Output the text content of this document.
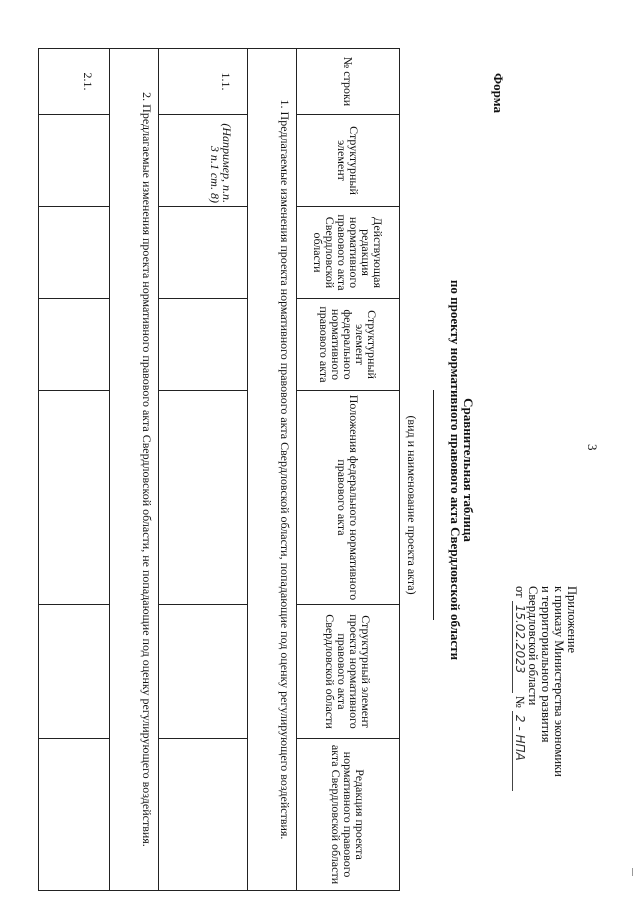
3
Приложение
к приказу Министерства экономики
и территориального развития
Свердловской области
от 15.02.2023 № 2 - НПА
Форма
Сравнительная таблица
по проекту нормативного правового акта Свердловской области
(вид и наименование проекта акта)
№ строки	Структурный элемент	Действующая редакция нормативного правового акта Свердловской области	Структурный элемент федерального нормативного правового акта	Положения федерального нормативного правового акта	Структурный элемент проекта нормативного правового акта Свердловской области	Редакция проекта нормативного правового акта Свердловской области
1. Предлагаемые изменения проекта нормативного правового акта Свердловской области, попадающие под оценку регулирующего воздействия.						
1.1.	(Например, п.п. 3 п.1 ст. 8)					
2. Предлагаемые изменения проекта нормативного правового акта Свердловской области, не попадающие под оценку регулирующего воздействия.						
2.1.						
